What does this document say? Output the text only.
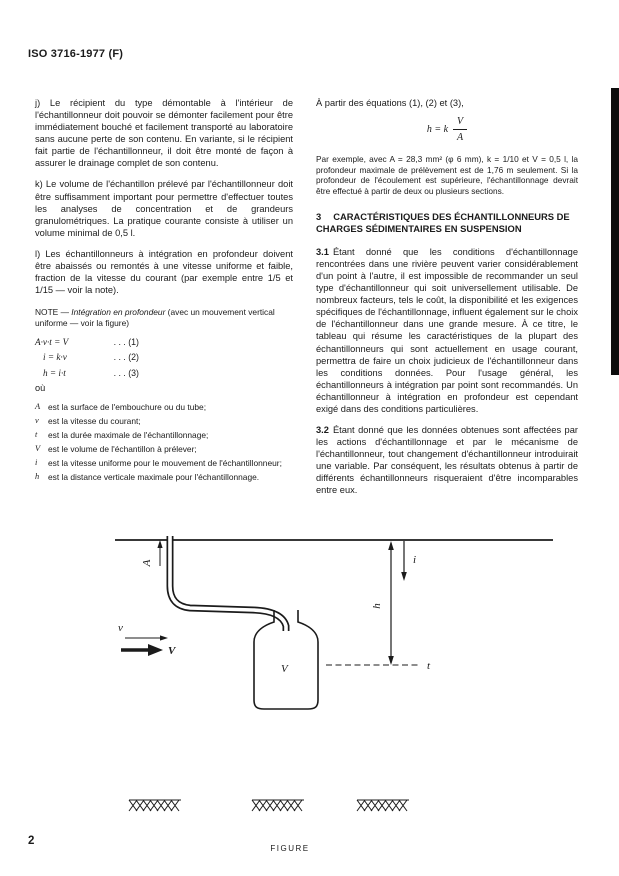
ISO 3716-1977 (F)

j) Le récipient du type démontable à l'intérieur de l'échantillonneur doit pouvoir se démonter facilement pour être immédiatement bouché et facilement transporté au laboratoire sans aucune perte de son contenu. En variante, si le récipient fait partie de l'échantillonneur, il doit être monté de façon à assurer le drainage complet de son contenu.

k) Le volume de l'échantillon prélevé par l'échantillonneur doit être suffisamment important pour permettre d'effectuer toutes les analyses de concentration et de grandeurs granulométriques. La pratique courante consiste à utiliser un volume minimal de 0,5 l.

l) Les échantillonneurs à intégration en profondeur doivent être abaissés ou remontés à une vitesse uniforme et faible, fraction de la vitesse du courant (par exemple entre 1/5 et 1/15 — voir la note).

NOTE — Intégration en profondeur (avec un mouvement vertical uniforme — voir la figure)

A·v·t = V	. . . (1)
i = k·v	. . . (2)
h = i·t	. . . (3)

où

A est la surface de l'embouchure ou du tube;
v	est la vitesse du courant;
t	est la durée maximale de l'échantillonnage;
V est le volume de l'échantillon à prélever;
i	est la vitesse uniforme pour le mouvement de l'échantillonneur;
h	est la distance verticale maximale pour l'échantillonnage.

À partir des équations (1), (2) et (3),

h = k $\frac{V}{A}$

Par exemple, avec A = 28,3 mm² (φ 6 mm), k = 1/10 et V = 0,5 l, la profondeur maximale de prélèvement est de 1,76 m seulement. Si la profondeur de l'écoulement est supérieure, l'échantillonnage devrait être effectué à partir de deux ou plusieurs sections.

3 CARACTÉRISTIQUES DES ÉCHANTILLONNEURS DE CHARGES SÉDIMENTAIRES EN SUSPENSION

3.1 Étant donné que les conditions d'échantillonnage rencontrées dans une rivière peuvent varier considérablement d'un point à l'autre, il est impossible de recommander un seul type d'échantillonneur qui soit universellement utilisable. De nombreux facteurs, tels le coût, la disponibilité et les exigences spécifiques de l'échantillonnage, influent également sur le choix de l'échantillonneur dans une grande mesure. À ce titre, le tableau qui résume les caractéristiques de la plupart des échantillonneurs qui sont actuellement en usage courant, permettra de faire un choix judicieux de l'échantillonneur dans les conditions données. Pour l'usage général, les échantillonneurs à intégration par point sont recommandés. Un échantillonneur à intégration en profondeur est cependant exigé dans des conditions particulières.

3.2 Étant donné que les données obtenues sont affectées par les actions d'échantillonnage et par le mécanisme de l'échantillonneur, tout changement d'échantillonneur introduirait une variable. Par conséquent, les résultats obtenus à partir de différents échantillonneurs risqueraient d'être incomparables entre eux.

A	i
h
t
v
V
V
FIGURE
2
